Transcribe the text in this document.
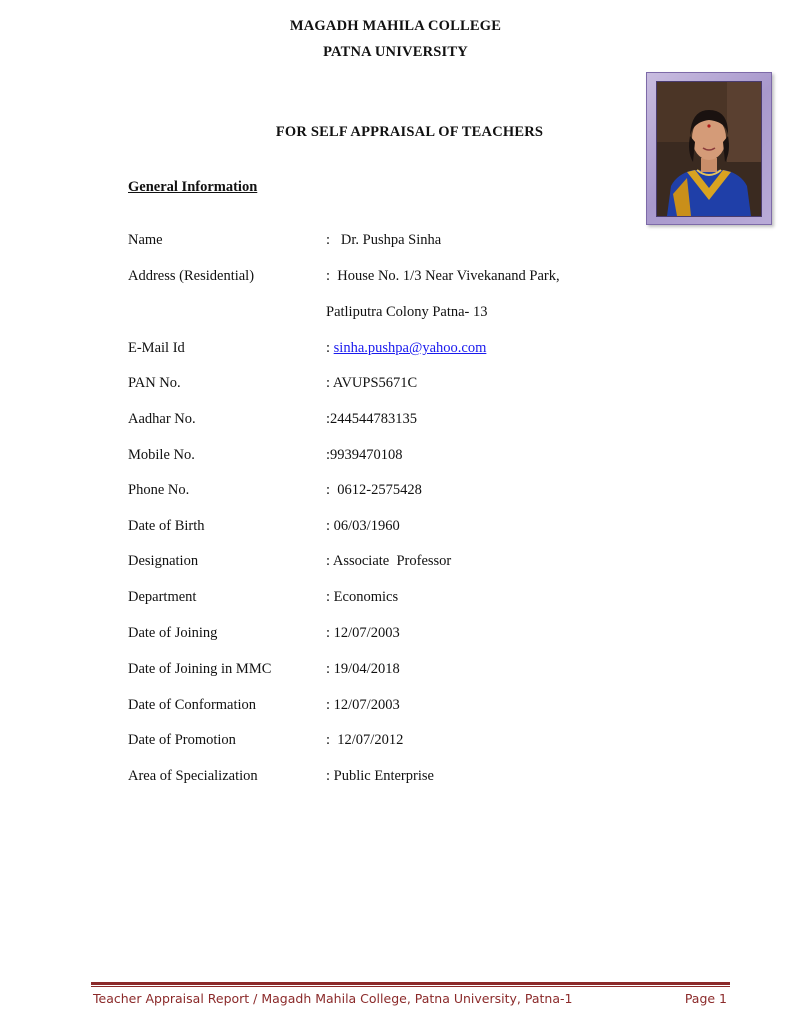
MAGADH MAHILA COLLEGE
PATNA UNIVERSITY
FOR SELF APPRAISAL OF TEACHERS
General Information
Name	:   Dr. Pushpa Sinha
Address (Residential)	:  House No. 1/3 Near Vivekanand Park,
Patliputra Colony Patna- 13
E-Mail Id	: sinha.pushpa@yahoo.com
PAN No.	: AVUPS5671C
Aadhar No.	:244544783135
Mobile No.	:9939470108
Phone No.	:  0612-2575428
Date of Birth	: 06/03/1960
Designation	: Associate  Professor
Department	: Economics
Date of Joining	: 12/07/2003
Date of Joining in MMC	: 19/04/2018
Date of Conformation	: 12/07/2003
Date of Promotion	:  12/07/2012
Area of Specialization	: Public Enterprise
Teacher Appraisal Report / Magadh Mahila College, Patna University, Patna-1	Page 1
